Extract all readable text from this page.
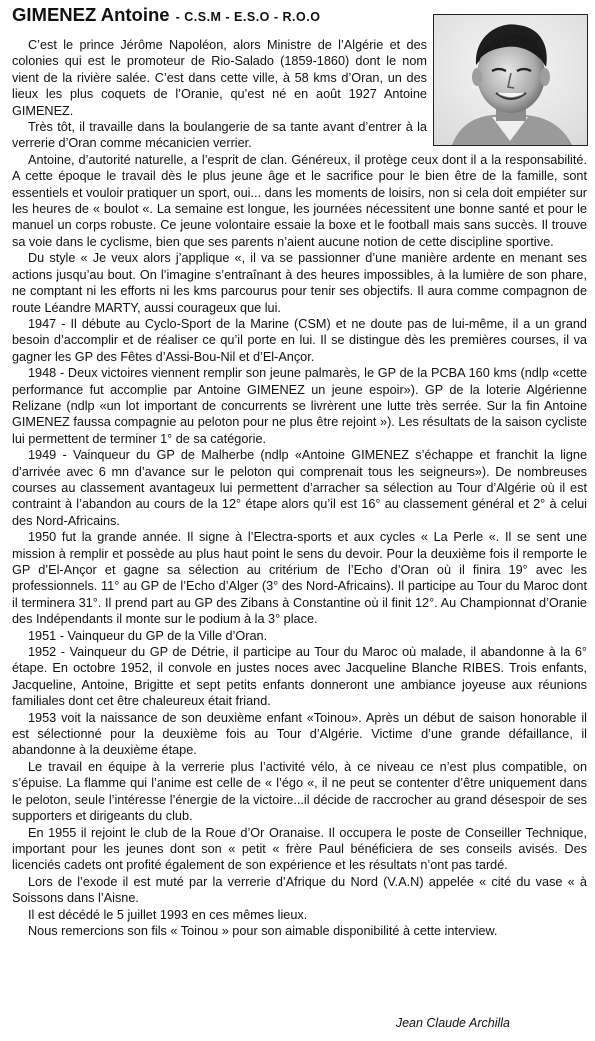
GIMENEZ Antoine - C.S.M - E.S.O - R.O.O

C’est le prince Jérôme Napoléon, alors Ministre de l’Algérie et des colonies qui est le promoteur de Rio-Salado (1859-1860) dont le nom vient de la rivière salée. C’est dans cette ville, à 58 kms d’Oran, un des lieux les plus coquets de l’Oranie, qu’est né en août 1927 Antoine GIMENEZ.

Très tôt, il travaille dans la boulangerie de sa tante avant d’entrer à la verrerie d’Oran comme mécanicien verrier.

Antoine, d’autorité naturelle, a l’esprit de clan. Généreux, il protège ceux dont il a la responsabilité. A cette époque le travail dès le plus jeune âge et le sacrifice pour le bien être de la famille, sont essentiels et vouloir pratiquer un sport, oui... dans les moments de loisirs, non si cela doit empiéter sur les heures de « boulot «. La semaine est longue, les journées nécessitent une bonne santé et pour le manuel un corps robuste. Ce jeune volontaire essaie la boxe et le football mais sans succès. Il trouve sa voie dans le cyclisme, bien que ses parents n’aient aucune notion de cette discipline sportive.

Du style « Je veux alors j’applique «, il va se passionner d’une manière ardente en menant ses actions jusqu’au bout. On l’imagine s’entraînant à des heures impossibles, à la lumière de son phare, ne comptant ni les efforts ni les kms parcourus pour tenir ses objectifs. Il aura comme compagnon de route Léandre MARTY, aussi courageux que lui.

1947 - Il débute au Cyclo-Sport de la Marine (CSM) et ne doute pas de lui-même, il a un grand besoin d’accomplir et de réaliser ce qu’il porte en lui. Il se distingue dès les premières courses, il va gagner les GP des Fêtes d’Assi-Bou-Nil et d’El-Ançor.

1948 - Deux victoires viennent remplir son jeune palmarès, le GP de la PCBA 160 kms (ndlp «cette performance fut accomplie par Antoine GIMENEZ un jeune espoir»). GP de la loterie Algérienne Relizane (ndlp «un lot important de concurrents se livrèrent une lutte très serrée. Sur la fin Antoine GIMENEZ faussa compagnie au peloton pour ne plus être rejoint »). Les résultats de la saison cycliste lui permettent de terminer 1° de sa catégorie.

1949 - Vainqueur du GP de Malherbe (ndlp «Antoine GIMENEZ s’échappe et franchit la ligne d’arrivée avec 6 mn d’avance sur le peloton qui comprenait tous les seigneurs»). De nombreuses courses au classement avantageux lui permettent d’arracher sa sélection au Tour d’Algérie où il est contraint à l’abandon au cours de la 12° étape alors qu’il est 16° au classement général et 2° à celui des Nord-Africains.

1950 fut la grande année. Il signe à l’Electra-sports et aux cycles « La Perle «. Il se sent une mission à remplir et possède au plus haut point le sens du devoir. Pour la deuxième fois il remporte le GP d’El-Ançor et gagne sa sélection au critérium de l’Echo d’Oran où il finira 19° avec les professionnels. 11° au GP de l’Echo d’Alger (3° des Nord-Africains). Il participe au Tour du Maroc dont il terminera 31°. Il prend part au GP des Zibans à Constantine où il finit 12°. Au Championnat d’Oranie des Indépendants il monte sur le podium à la 3° place.

1951 - Vainqueur du GP de la Ville d’Oran.

1952 - Vainqueur du GP de Détrie, il participe au Tour du Maroc où malade, il abandonne à la 6° étape. En octobre 1952, il convole en justes noces avec Jacqueline Blanche RIBES. Trois enfants, Jacqueline, Antoine, Brigitte et sept petits enfants donneront une ambiance joyeuse aux réunions familiales dont cet être chaleureux était friand.

1953 voit la naissance de son deuxième enfant «Toinou». Après un début de saison honorable il est sélectionné pour la deuxième fois au Tour d’Algérie. Victime d’une grande défaillance, il abandonne à la deuxième étape.

Le travail en équipe à la verrerie plus l’activité vélo, à ce niveau ce n’est plus compatible, on s’épuise. La flamme qui l’anime est celle de « l’égo «, il ne peut se contenter d’être uniquement dans le peloton, seule l’intéresse l’énergie de la victoire...il décide de raccrocher au grand désespoir de ses supporters et dirigeants du club.

En 1955 il rejoint le club de la Roue d’Or Oranaise. Il occupera le poste de Conseiller Technique, important pour les jeunes dont son « petit « frère Paul bénéficiera de ses conseils avisés. Des licenciés cadets ont profité également de son expérience et les résultats n’ont pas tardé.

Lors de l’exode il est muté par la verrerie d’Afrique du Nord (V.A.N) appelée « cité du vase « à Soissons dans l’Aisne.

Il est décédé le 5 juillet 1993 en ces mêmes lieux.

Nous remercions son fils « Toinou » pour son aimable disponibilité à cette interview.

Jean Claude Archilla
